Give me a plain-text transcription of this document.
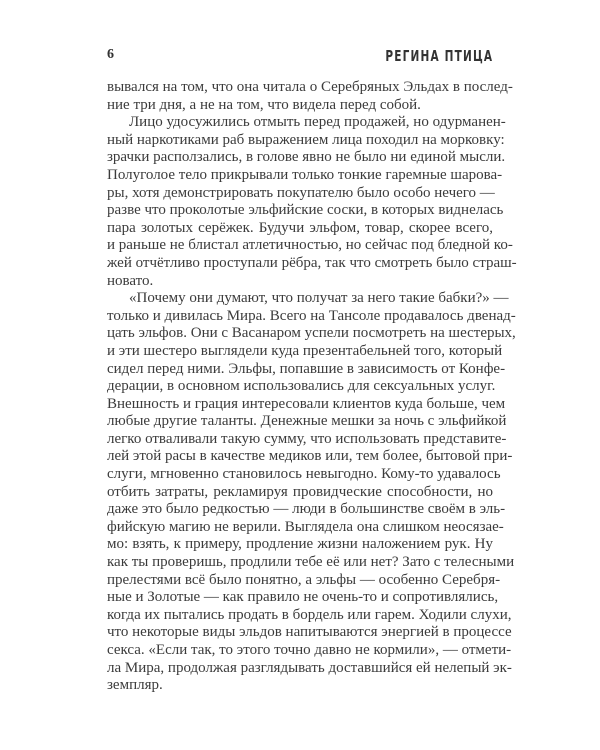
6	РЕГИНА ПТИЦА
вывался на том, что она читала о Серебряных Эльдах в послед-
ние три дня, а не на том, что видела перед собой.
Лицо удосужились отмыть перед продажей, но одурманен-
ный наркотиками раб выражением лица походил на морковку:
зрачки расползались, в голове явно не было ни единой мысли.
Полуголое тело прикрывали только тонкие гаремные шарова-
ры, хотя демонстрировать покупателю было особо нечего —
разве что проколотые эльфийские соски, в которых виднелась
пара золотых серёжек. Будучи эльфом, товар, скорее всего,
и раньше не блистал атлетичностью, но сейчас под бледной ко-
жей отчётливо проступали рёбра, так что смотреть было страш-
новато.
«Почему они думают, что получат за него такие бабки?» —
только и дивилась Мира. Всего на Тансоле продавалось двенад-
цать эльфов. Они с Васанаром успели посмотреть на шестерых,
и эти шестеро выглядели куда презентабельней того, который
сидел перед ними. Эльфы, попавшие в зависимость от Конфе-
дерации, в основном использовались для сексуальных услуг.
Внешность и грация интересовали клиентов куда больше, чем
любые другие таланты. Денежные мешки за ночь с эльфийкой
легко отваливали такую сумму, что использовать представите-
лей этой расы в качестве медиков или, тем более, бытовой при-
слуги, мгновенно становилось невыгодно. Кому-то удавалось
отбить затраты, рекламируя провидческие способности, но
даже это было редкостью — люди в большинстве своём в эль-
фийскую магию не верили. Выглядела она слишком неосязае-
мо: взять, к примеру, продление жизни наложением рук. Ну
как ты проверишь, продлили тебе её или нет? Зато с телесными
прелестями всё было понятно, а эльфы — особенно Серебря-
ные и Золотые — как правило не очень-то и сопротивлялись,
когда их пытались продать в бордель или гарем. Ходили слухи,
что некоторые виды эльдов напитываются энергией в процессе
секса. «Если так, то этого точно давно не кормили», — отмети-
ла Мира, продолжая разглядывать доставшийся ей нелепый эк-
земпляр.
